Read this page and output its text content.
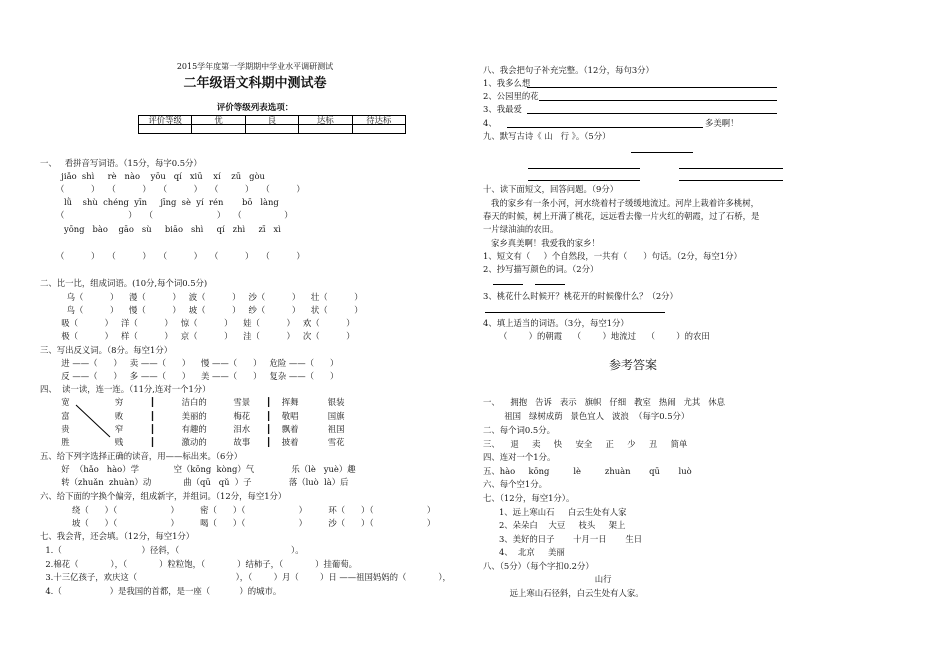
2015学年度第一学期期中学业水平调研测试
二年级语文科期中测试卷
评价等级列表选项：
评价等级	优	良	达标	待达标

一、   看拼音写词语。（15分，每字0.5分）
jiǎo  shì     rè   nào    yōu   qí   xiū    xí    zū   gòu
（          ）   （          ）   （          ）   （          ）   （          ）
lǜ    shù  chéng  yīn     jīng  sè  yí  rén       bō   làng
（                        ）   （                        ）   （                ）
yōng   bào    gāo   sù     biāo   shì     qí   zhì     zī   xì
（          ）   （          ）   （          ）   （          ）   （          ）
二、比一比，组成词语。(10分,每个词0.5分)
乌（          ）    漫（          ）   波（          ）   沙（          ）    壮（          ）
鸟（          ）    慢（          ）   坡（          ）   纱（          ）    状（          ）
吸（          ）   洋（          ）   惊（          ）    娃（          ）   欢（          ）
极（          ）   样（          ）   京（          ）    洼（          ）   次（          ）
三、写出反义词。（8分。每空1分）
进 ——（      ）   卖 ——（      ）    慢 ——（      ）   危险 ——（      ）
反 ——（      ）   多 ——（      ）    美 ——（      ）   复杂 ——（      ）
四、  读一读，连一连。（11分,连对一个1分）
宽                 穷          ┃          洁白的          雪景      ┃    挥舞           银装
富                 败          ┃          美丽的          梅花      ┃    敬唱           国旗
贵                 窄          ┃          有趣的          泪水      ┃    飘着           祖国
胜                 贱          ┃          激动的          故事      ┃    披着           雪花
五、给下列字选择正确的读音，用——标出来。（6分）
好  （hǎo   hào）学             空（kōng  kòng）气              乐（lè   yuè）趣
转（zhuǎn  zhuàn）动            曲（qū   qǔ  ）子              落（luò  là）后
六、给下面的字换个偏旁，组成新字，并组词。（12分，每空1分）
绕（      ）（                    ）        密（      ）（                    ）        环（      ）（                    ）
坡（      ）（                    ）        喝（      ）（                    ）        沙（      ）（                    ）
七、我会背，还会填。（12分，每空1分）
1.（                              ）径斜，（                                          ）。
2.棉花（            ），（            ）粒粒饱，（            ）结柿子，（            ）挂葡萄。
3.十三亿孩子，欢庆这（                                     ），（        ）月（        ）日 ——祖国妈妈的（            ），
4.（                  ）是我国的首都，是一座（           ）的城市。
八、我会把句子补充完整。（12分，每句3分）
1、我多么想
2、公园里的花
3、我最爱
4、	多美啊！
九、默写古诗《 山   行 》。（5分）
十、读下面短文，回答问题。（9分）
我的家乡有一条小河，河水绕着村子缓缓地流过。河岸上栽着许多桃树，
春天的时候，树上开满了桃花，远远看去像一片火红的朝霞，过了石桥，是
一片绿油油的农田。
家乡真美啊！我爱我的家乡！
1、短文有（     ）个自然段，一共有（      ）句话。（2分，每空1分）
2、抄写描写颜色的词。（2分）
3、桃花什么时候开？桃花开的时候像什么？（2分）
4、填上适当的词语。（3分，每空1分）
（        ）的朝霞    （        ）地流过    （        ）的农田
参考答案
一、    拥抱   告诉   表示   旗帜   仔细   教室   热闹   尤其   休息
祖国   绿树成荫   景色宜人   波浪  （每字0.5分）
二、每个词0.5分。
三、    退     卖     快     安全     正     少     丑     简单
四、连对一个1分。
五、hào     kōng         lè         zhuàn       qū       luò
六、每个空1分。
七、（12分，每空1分）。
1、远上寒山石     白云生处有人家
2、朵朵白    大豆     枝头     架上
3、美好的日子       十月一日       生日
4、  北京     美丽
八、（5分）（每个字扣0.2分）
山行
远上寒山石径斜，白云生处有人家。
